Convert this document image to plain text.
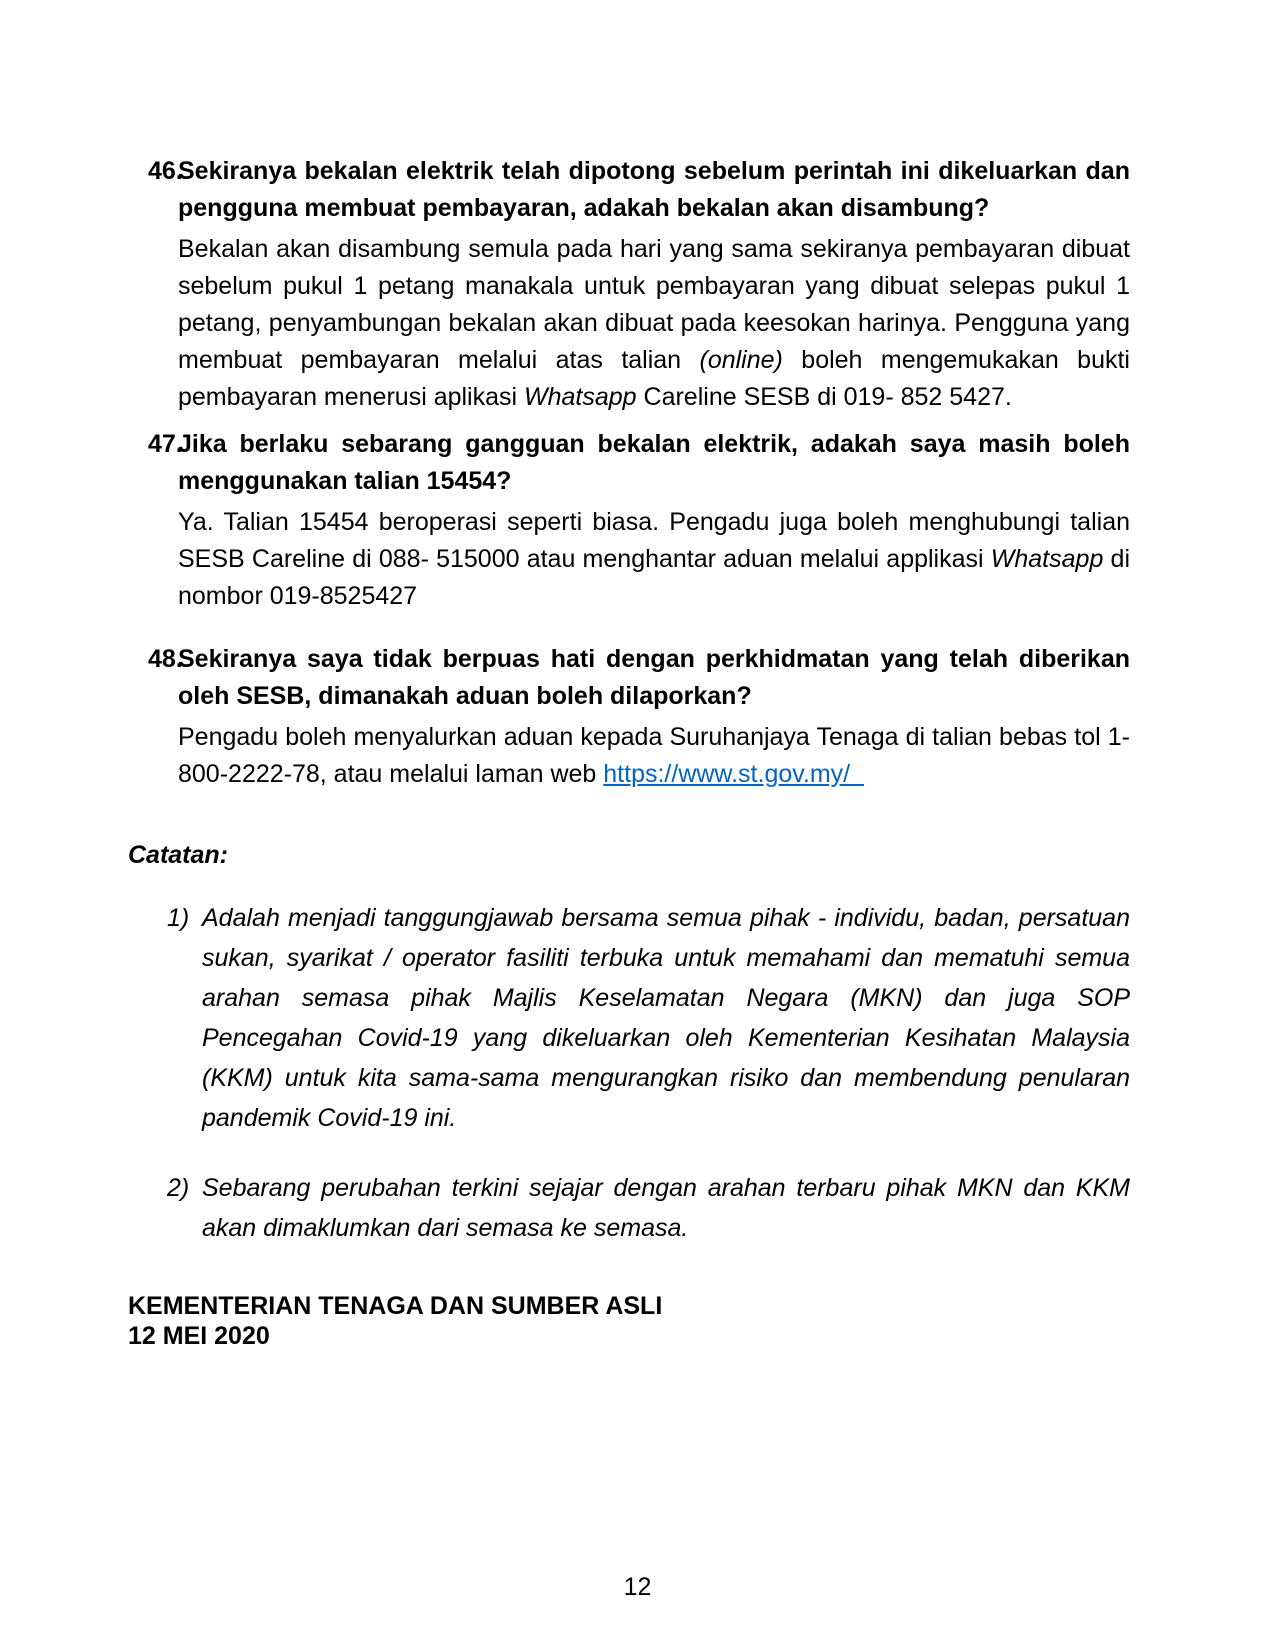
46.
Sekiranya bekalan elektrik telah dipotong sebelum perintah ini dikeluarkan dan pengguna membuat pembayaran, adakah bekalan akan disambung?

Bekalan akan disambung semula pada hari yang sama sekiranya pembayaran dibuat sebelum pukul 1 petang manakala untuk pembayaran yang dibuat selepas pukul 1 petang, penyambungan bekalan akan dibuat pada keesokan harinya. Pengguna yang membuat pembayaran melalui atas talian (online) boleh mengemukakan bukti pembayaran menerusi aplikasi Whatsapp Careline SESB di 019- 852 5427.

47.
Jika berlaku sebarang gangguan bekalan elektrik, adakah saya masih boleh menggunakan talian 15454?

Ya. Talian 15454 beroperasi seperti biasa. Pengadu juga boleh menghubungi talian SESB Careline di 088- 515000 atau menghantar aduan melalui applikasi Whatsapp di nombor 019-8525427

48.
Sekiranya saya tidak berpuas hati dengan perkhidmatan yang telah diberikan oleh SESB, dimanakah aduan boleh dilaporkan?

Pengadu boleh menyalurkan aduan kepada Suruhanjaya Tenaga di talian bebas tol 1-800-2222-78, atau melalui laman web https://www.st.gov.my/

Catatan:
1) Adalah menjadi tanggungjawab bersama semua pihak - individu, badan, persatuan sukan, syarikat / operator fasiliti terbuka untuk memahami dan mematuhi semua arahan semasa pihak Majlis Keselamatan Negara (MKN) dan juga SOP Pencegahan Covid-19 yang dikeluarkan oleh Kementerian Kesihatan Malaysia (KKM) untuk kita sama-sama mengurangkan risiko dan membendung penularan pandemik Covid-19 ini.

2) Sebarang perubahan terkini sejajar dengan arahan terbaru pihak MKN dan KKM akan dimaklumkan dari semasa ke semasa.

KEMENTERIAN TENAGA DAN SUMBER ASLI
12 MEI 2020
12
